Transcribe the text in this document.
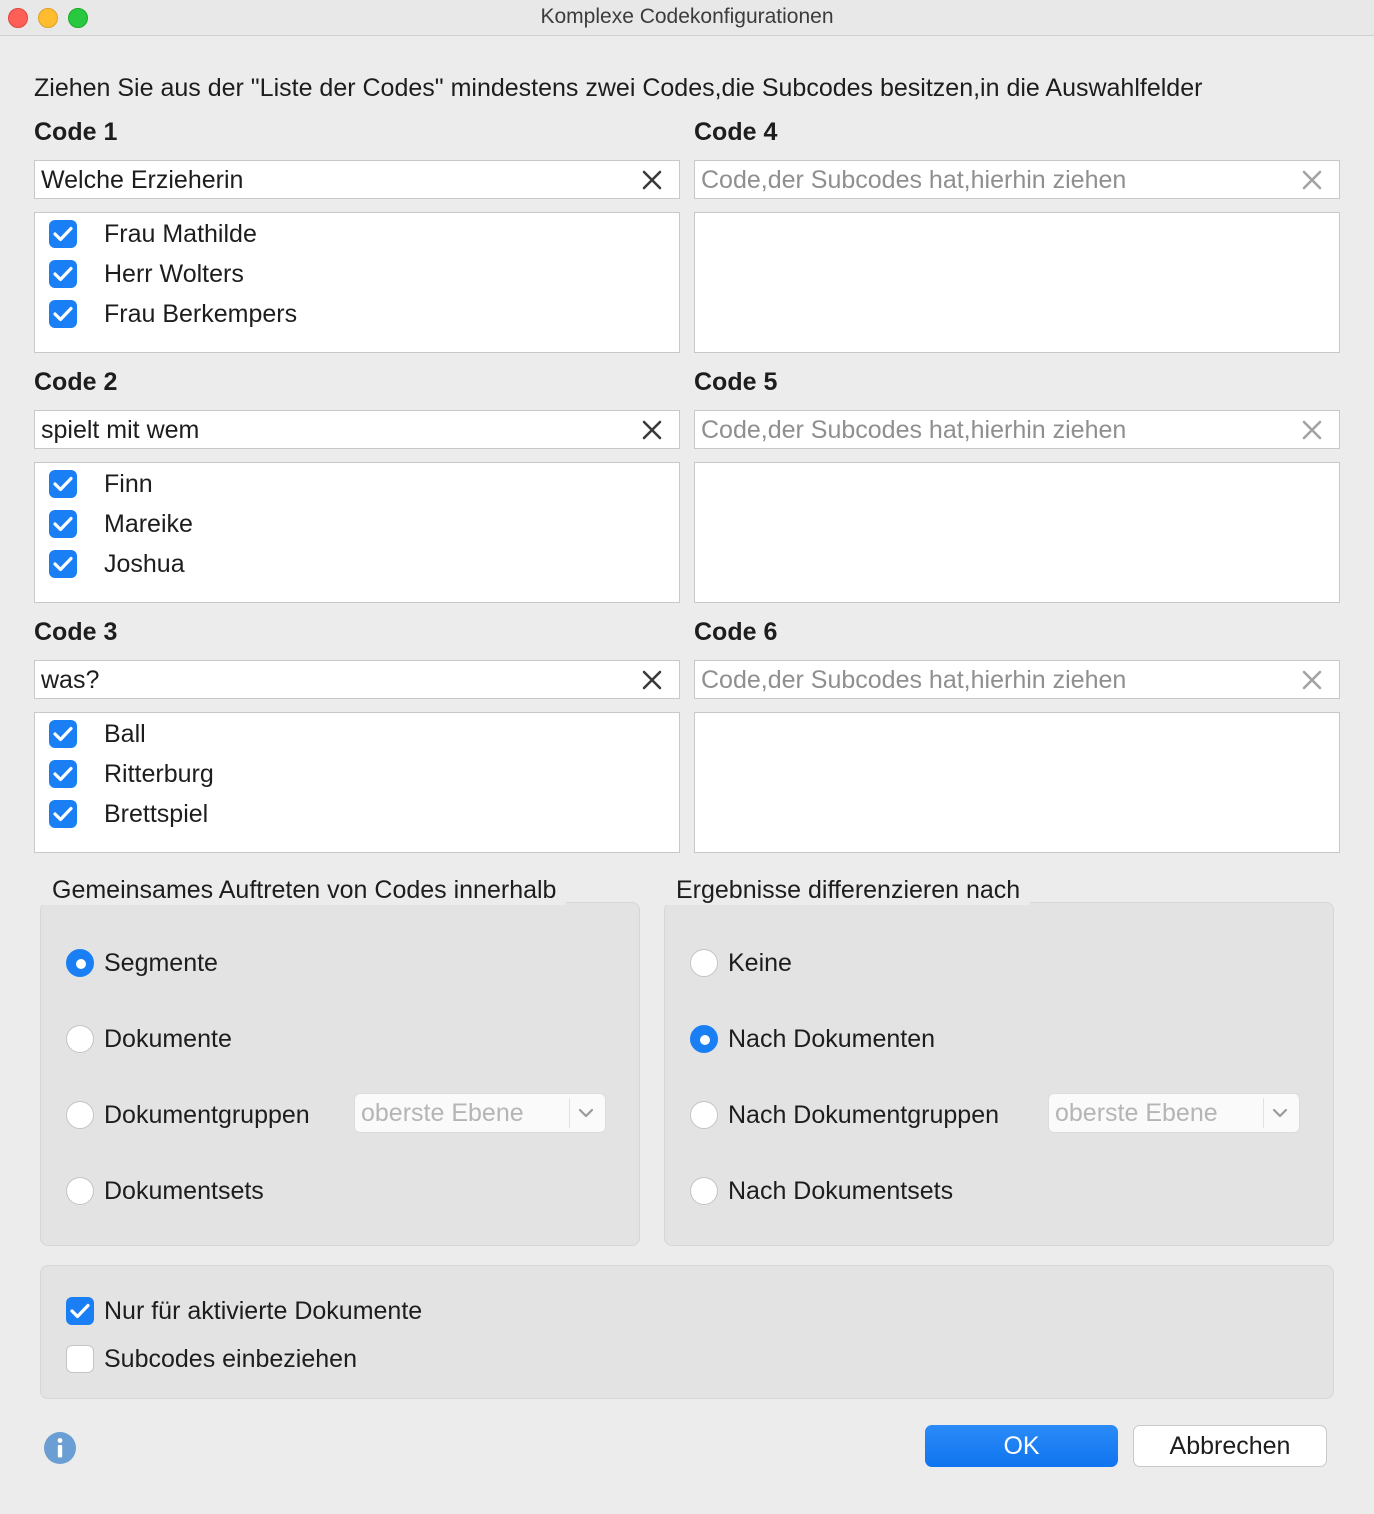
Komplexe Codekonfigurationen
Ziehen Sie aus der "Liste der Codes" mindestens zwei Codes,die Subcodes besitzen,in die Auswahlfelder
Code 1
Welche Erzieherin
Frau Mathilde
Herr Wolters
Frau Berkempers
Code 2
spielt mit wem
Finn
Mareike
Joshua
Code 3
was?
Ball
Ritterburg
Brettspiel
Code 4
Code,der Subcodes hat,hierhin ziehen
Code 5
Code,der Subcodes hat,hierhin ziehen
Code 6
Code,der Subcodes hat,hierhin ziehen
Gemeinsames Auftreten von Codes innerhalb
Segmente
Dokumente
Dokumentgruppen oberste Ebene
Dokumentsets
Ergebnisse differenzieren nach
Keine
Nach Dokumenten
Nach Dokumentgruppen oberste Ebene
Nach Dokumentsets
Nur für aktivierte Dokumente
Subcodes einbeziehen
OK	Abbrechen
